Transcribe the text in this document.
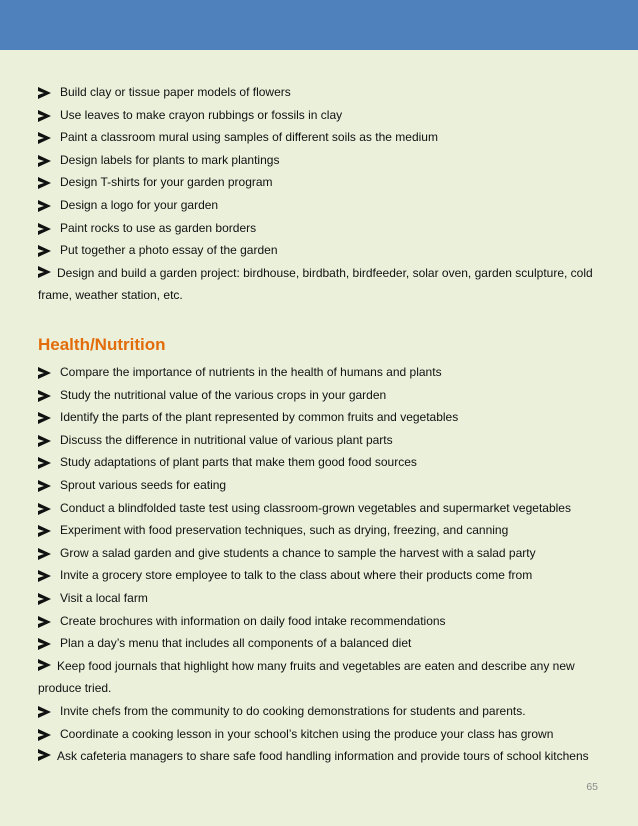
Build clay or tissue paper models of flowers
Use leaves to make crayon rubbings or fossils in clay
Paint a classroom mural using samples of different soils as the medium
Design labels for plants to mark plantings
Design T-shirts for your garden program
Design a logo for your garden
Paint rocks to use as garden borders
Put together a photo essay of the garden
Design and build a garden project: birdhouse, birdbath, birdfeeder, solar oven, garden sculpture, cold frame, weather station, etc.
Health/Nutrition
Compare the importance of nutrients in the health of humans and plants
Study the nutritional value of the various crops in your garden
Identify the parts of the plant represented by common fruits and vegetables
Discuss the difference in nutritional value of various plant parts
Study adaptations of plant parts that make them good food sources
Sprout various seeds for eating
Conduct a blindfolded taste test using classroom-grown vegetables and supermarket vegetables
Experiment with food preservation techniques, such as drying, freezing, and canning
Grow a salad garden and give students a chance to sample the harvest with a salad party
Invite a grocery store employee to talk to the class about where their products come from
Visit a local farm
Create brochures with information on daily food intake recommendations
Plan a day’s menu that includes all components of a balanced diet
Keep food journals that highlight how many fruits and vegetables are eaten and describe any new produce tried.
Invite chefs from the community to do cooking demonstrations for students and parents.
Coordinate a cooking lesson in your school’s kitchen using the produce your class has grown
Ask cafeteria managers to share safe food handling information and provide tours of school kitchens
65
